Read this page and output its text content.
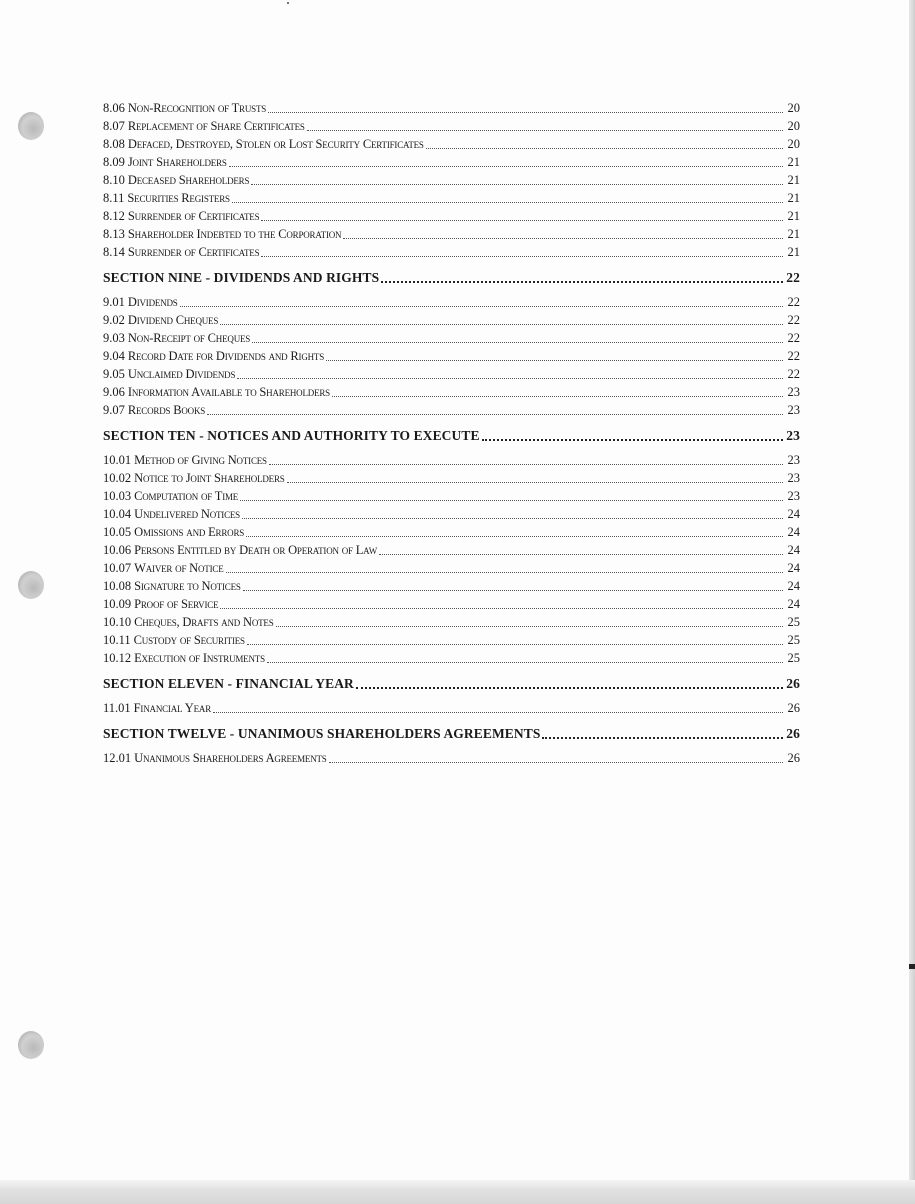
8.06 Non-Recognition of Trusts	20
8.07 Replacement of Share Certificates	20
8.08 Defaced, Destroyed, Stolen or Lost Security Certificates	20
8.09 Joint Shareholders	21
8.10 Deceased Shareholders	21
8.11 Securities Registers	21
8.12 Surrender of Certificates	21
8.13 Shareholder Indebted to the Corporation	21
8.14 Surrender of Certificates	21
SECTION NINE - DIVIDENDS AND RIGHTS	22
9.01 Dividends	22
9.02 Dividend Cheques	22
9.03 Non-Receipt of Cheques	22
9.04 Record Date for Dividends and Rights	22
9.05 Unclaimed Dividends	22
9.06 Information Available to Shareholders	23
9.07 Records Books	23
SECTION TEN - NOTICES AND AUTHORITY TO EXECUTE	23
10.01 Method of Giving Notices	23
10.02 Notice to Joint Shareholders	23
10.03 Computation of Time	23
10.04 Undelivered Notices	24
10.05 Omissions and Errors	24
10.06 Persons Entitled by Death or Operation of Law	24
10.07 Waiver of Notice	24
10.08 Signature to Notices	24
10.09 Proof of Service	24
10.10 Cheques, Drafts and Notes	25
10.11 Custody of Securities	25
10.12 Execution of Instruments	25
SECTION ELEVEN - FINANCIAL YEAR	26
11.01 Financial Year	26
SECTION TWELVE - UNANIMOUS SHAREHOLDERS AGREEMENTS	26
12.01 Unanimous Shareholders Agreements	26
